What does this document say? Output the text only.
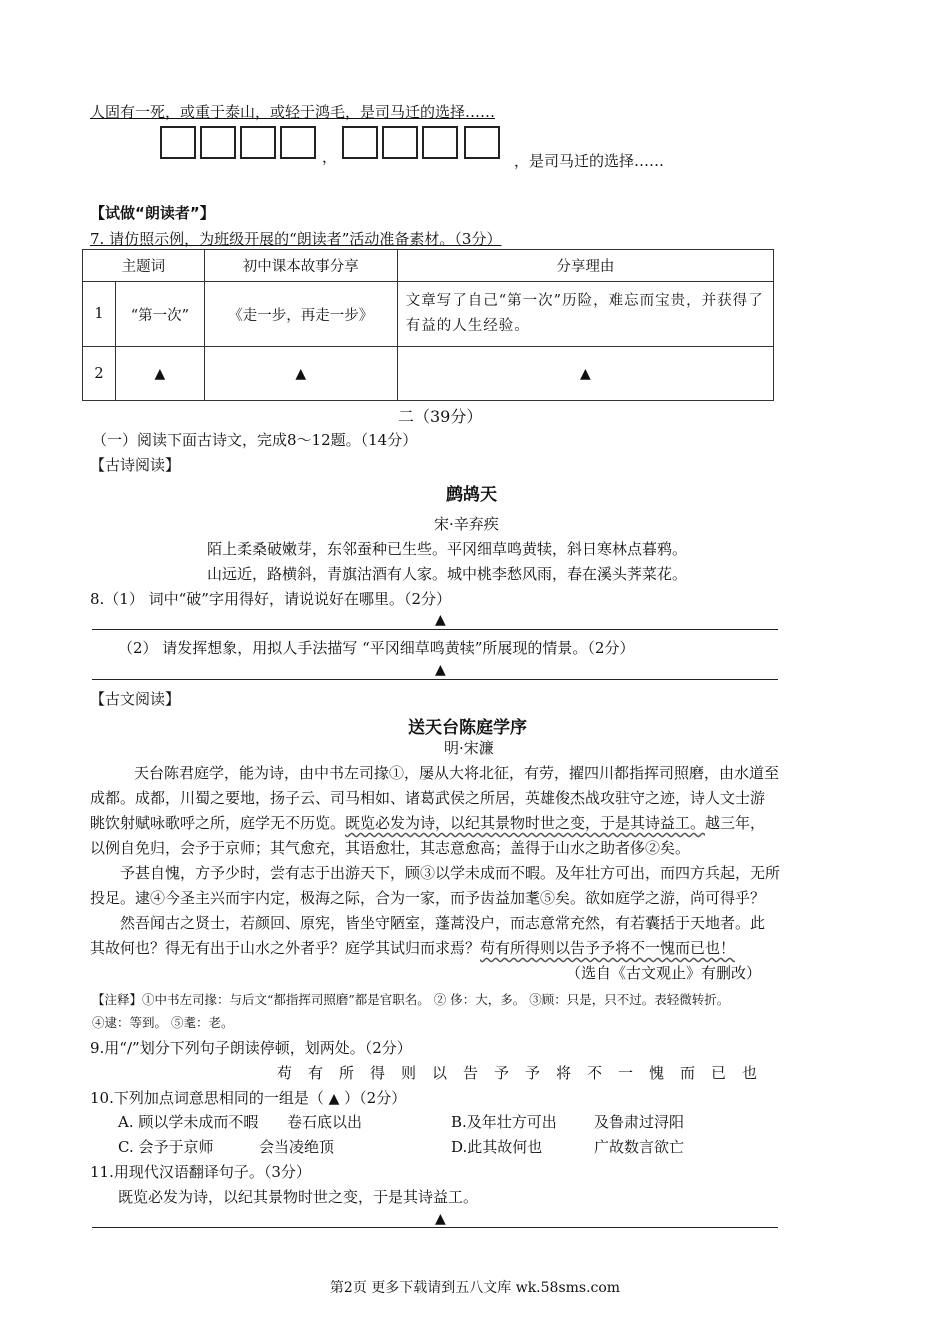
人固有一死，或重于泰山，或轻于鸿毛，是司马迁的选择……
，	，是司马迁的选择……
【试做“朗读者”】
7. 请仿照示例，为班级开展的“朗读者”活动准备素材。（3分）
主题词		初中课本故事分享	分享理由
1	“第一次”	《走一步，再走一步》	文章写了自己“第一次”历险，难忘而宝贵，并获得了有益的人生经验。
2	▲	▲	▲
二（39分）
（一）阅读下面古诗文，完成8～12题。（14分）
【古诗阅读】
鹧鸪天
宋·辛弃疾
陌上柔桑破嫩芽，东邻蚕种已生些。平冈细草鸣黄犊，斜日寒林点暮鸦。
山远近，路横斜，青旗沽酒有人家。城中桃李愁风雨，春在溪头荠菜花。
8.（1） 词中“破”字用得好，请说说好在哪里。（2分）
▲
（2） 请发挥想象，用拟人手法描写 “平冈细草鸣黄犊”所展现的情景。（2分）
▲
【古文阅读】
送天台陈庭学序
明·宋濂
天台陈君庭学，能为诗，由中书左司掾①，屡从大将北征，有劳，擢四川都指挥司照磨，由水道至
成都。成都，川蜀之要地，扬子云、司马相如、诸葛武侯之所居，英雄俊杰战攻驻守之迹，诗人文士游
眺饮射赋咏歌呼之所，庭学无不历览。既览必发为诗，以纪其景物时世之变，于是其诗益工。越三年，
以例自免归，会予于京师；其气愈充，其语愈壮，其志意愈高；盖得于山水之助者侈②矣。
予甚自愧，方予少时，尝有志于出游天下，顾③以学未成而不暇。及年壮方可出，而四方兵起，无所
投足。逮④今圣主兴而宇内定，极海之际，合为一家，而予齿益加耄⑤矣。欲如庭学之游，尚可得乎？
然吾闻古之贤士，若颜回、原宪，皆坐守陋室，蓬蒿没户，而志意常充然，有若囊括于天地者。此
其故何也？得无有出于山水之外者乎？庭学其试归而求焉？苟有所得则以告予予将不一愧而已也！
（选自《古文观止》有删改）
【注释】①中书左司掾：与后文“都指挥司照磨”都是官职名。 ② 侈：大，多。 ③顾：只是，只不过。表轻微转折。
④逮：等到。 ⑤耄：老。
9.用“/”划分下列句子朗读停顿，划两处。（2分）
苟有所得则以告予予将不一愧而已也
10.下列加点词意思相同的一组是（ ▲ ）（2分）
A. 顾以学未成而不暇 卷石底以出	B.及年壮方可出 及鲁肃过浔阳
C. 会予于京师	会当凌绝顶	D.此其故何也	广故数言欲亡
11.用现代汉语翻译句子。（3分）
既览必发为诗，以纪其景物时世之变，于是其诗益工。
▲
第2页 更多下载请到五八文库 wk.58sms.com
